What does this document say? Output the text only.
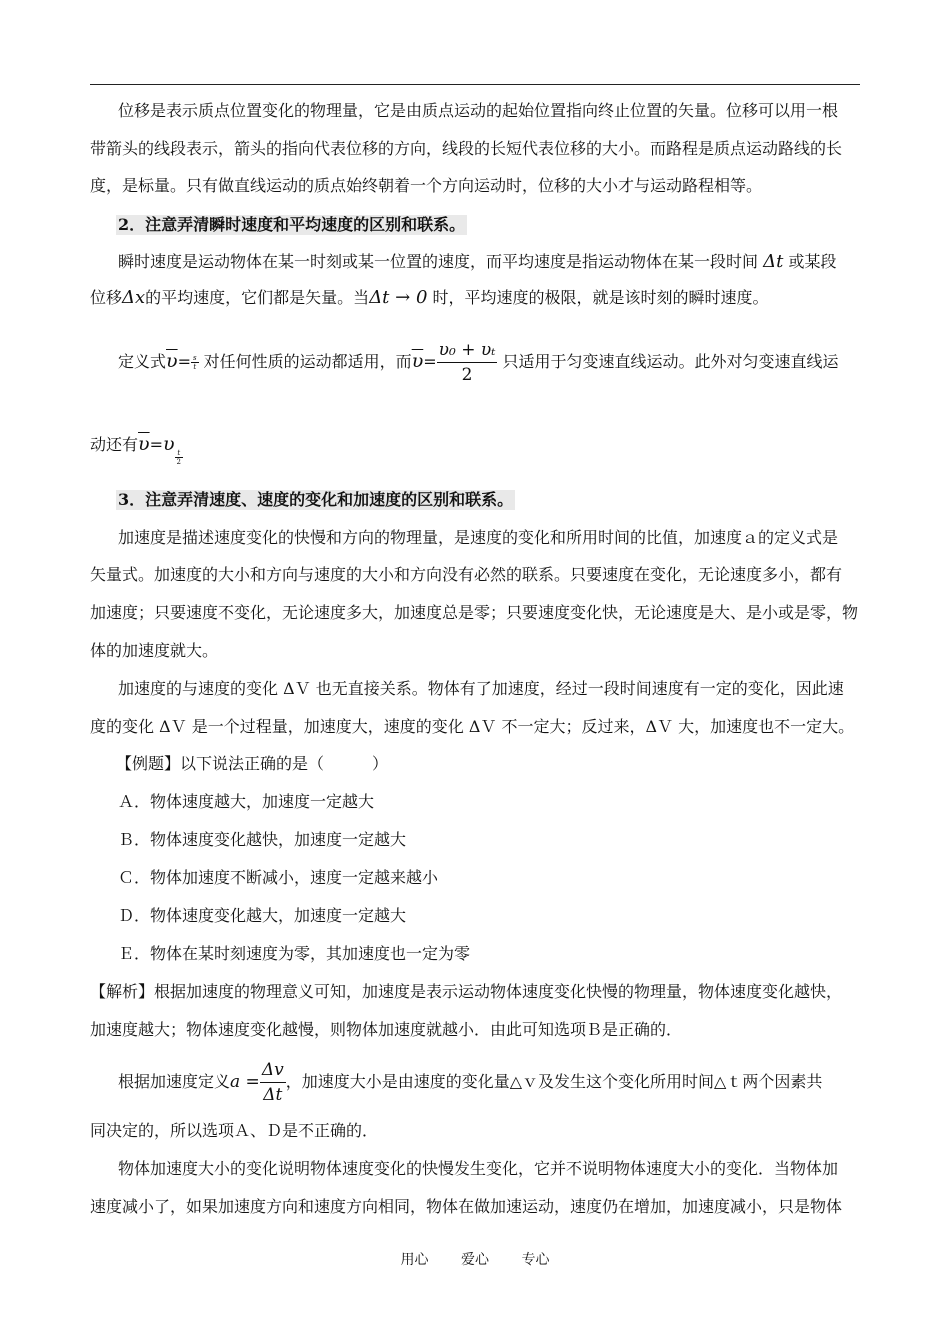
位移是表示质点位置变化的物理量，它是由质点运动的起始位置指向终止位置的矢量。位移可以用一根
带箭头的线段表示，箭头的指向代表位移的方向，线段的长短代表位移的大小。而路程是质点运动路线的长
度，是标量。只有做直线运动的质点始终朝着一个方向运动时，位移的大小才与运动路程相等。
2．注意弄清瞬时速度和平均速度的区别和联系。
瞬时速度是运动物体在某一时刻或某一位置的速度，而平均速度是指运动物体在某一段时间 Δt 或某段
位移Δx的平均速度，它们都是矢量。当Δt → 0 时，平均速度的极限，就是该时刻的瞬时速度。
定义式$\overline{\upsilon}= \frac{s}{t}$ 对任何性质的运动都适用，而$\overline{\upsilon}= \frac{\text{υ₀ + υₜ}}{2}$ 只适用于匀变速直线运动。此外对匀变速直线运
动还有$\overline{\upsilon}=\upsilon$
$\frac{t}{2}$
3．注意弄清速度、速度的变化和加速度的区别和联系。
加速度是描述速度变化的快慢和方向的物理量，是速度的变化和所用时间的比值，加速度ａ的定义式是
矢量式。加速度的大小和方向与速度的大小和方向没有必然的联系。只要速度在变化，无论速度多小，都有
加速度；只要速度不变化，无论速度多大，加速度总是零；只要速度变化快，无论速度是大、是小或是零，物
体的加速度就大。
加速度的与速度的变化 ΔＶ 也无直接关系。物体有了加速度，经过一段时间速度有一定的变化，因此速
度的变化 ΔＶ 是一个过程量，加速度大，速度的变化 ΔＶ 不一定大；反过来，ΔＶ 大，加速度也不一定大。
【例题】以下说法正确的是（　　　）
Ａ．物体速度越大，加速度一定越大
Ｂ．物体速度变化越快，加速度一定越大
Ｃ．物体加速度不断减小，速度一定越来越小
Ｄ．物体速度变化越大，加速度一定越大
Ｅ．物体在某时刻速度为零，其加速度也一定为零
【解析】根据加速度的物理意义可知，加速度是表示运动物体速度变化快慢的物理量，物体速度变化越快，
加速度越大；物体速度变化越慢，则物体加速度就越小．由此可知选项Ｂ是正确的．
根据加速度定义$a = \frac{\Delta v}{\Delta t}$ ，加速度大小是由速度的变化量△ｖ及发生这个变化所用时间△ｔ两个因素共
同决定的，所以选项Ａ、Ｄ是不正确的．
物体加速度大小的变化说明物体速度变化的快慢发生变化，它并不说明物体速度大小的变化．当物体加
速度减小了，如果加速度方向和速度方向相同，物体在做加速运动，速度仍在增加，加速度减小，只是物体
用心 爱心 专心
